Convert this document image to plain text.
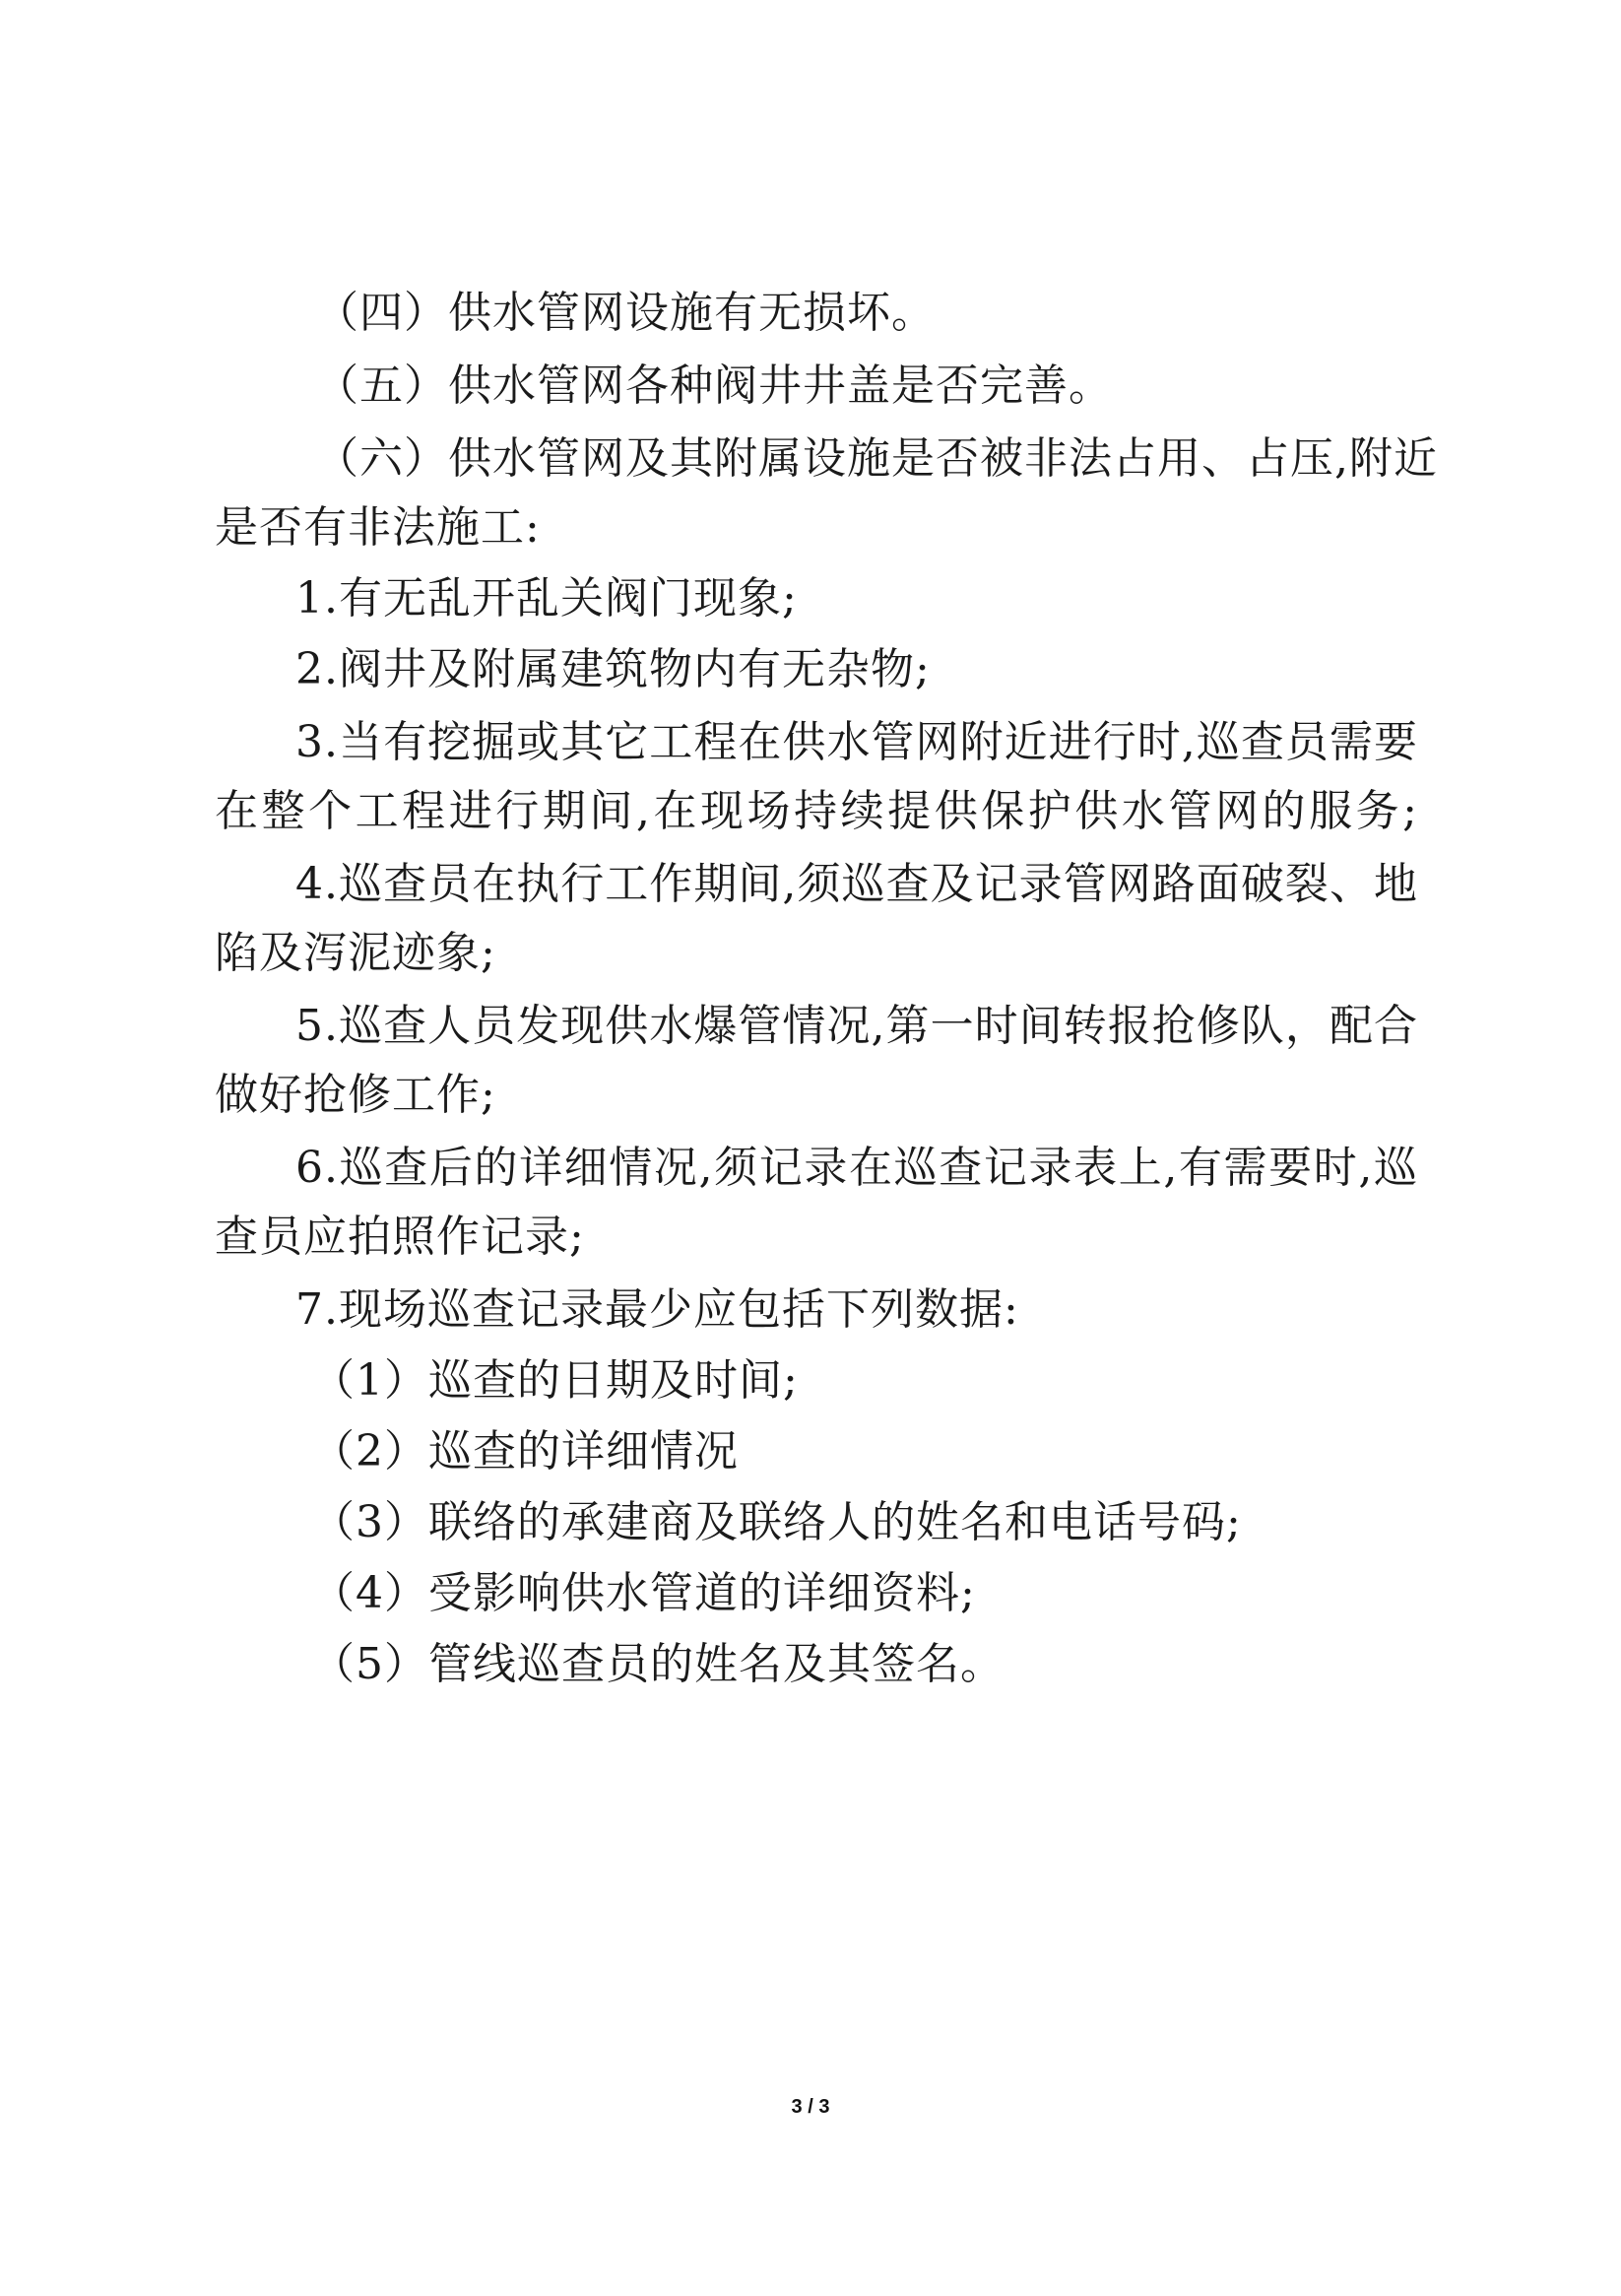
（四）供水管网设施有无损坏。
（五）供水管网各种阀井井盖是否完善。
（六）供水管网及其附属设施是否被非法占用、占压,附近
是否有非法施工:
1.有无乱开乱关阀门现象;
2.阀井及附属建筑物内有无杂物;
3.当有挖掘或其它工程在供水管网附近进行时,巡查员需要
在整个工程进行期间,在现场持续提供保护供水管网的服务;
4.巡查员在执行工作期间,须巡查及记录管网路面破裂、地
陷及泻泥迹象;
5.巡查人员发现供水爆管情况,第一时间转报抢修队，配合
做好抢修工作;
6.巡查后的详细情况,须记录在巡查记录表上,有需要时,巡
查员应拍照作记录;
7.现场巡查记录最少应包括下列数据:
（1）巡查的日期及时间;
（2）巡查的详细情况
（3）联络的承建商及联络人的姓名和电话号码;
（4）受影响供水管道的详细资料;
（5）管线巡查员的姓名及其签名。
3 / 3
